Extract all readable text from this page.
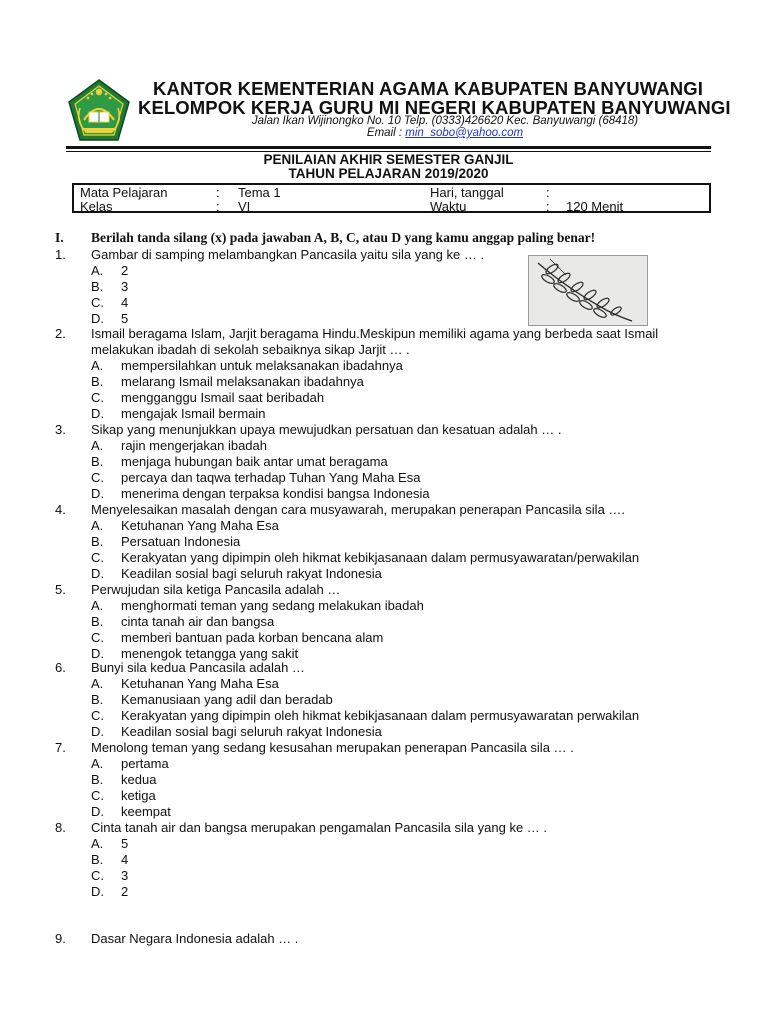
KANTOR KEMENTERIAN AGAMA KABUPATEN BANYUWANGI
KELOMPOK KERJA GURU MI NEGERI KABUPATEN BANYUWANGI
Jalan Ikan Wijinongko No. 10 Telp. (0333)426620 Kec. Banyuwangi (68418)
Email : min_sobo@yahoo.com
PENILAIAN AKHIR SEMESTER GANJIL
TAHUN PELAJARAN 2019/2020
Mata Pelajaran	: Tema 1	Hari, tanggal	:
Kelas	: VI	Waktu	: 120 Menit
I. Berilah tanda silang (x) pada jawaban A, B, C, atau D yang kamu anggap paling benar!
1. Gambar di samping melambangkan Pancasila yaitu sila yang ke … .
A. 2
B. 3
C. 4
D. 5
2. Ismail beragama Islam, Jarjit beragama Hindu.Meskipun memiliki agama yang berbeda saat Ismail
melakukan ibadah di sekolah sebaiknya sikap Jarjit … .
A. mempersilahkan untuk melaksanakan ibadahnya
B. melarang Ismail melaksanakan ibadahnya
C. mengganggu Ismail saat beribadah
D. mengajak Ismail bermain
3. Sikap yang menunjukkan upaya mewujudkan persatuan dan kesatuan adalah … .
A. rajin mengerjakan ibadah
B. menjaga hubungan baik antar umat beragama
C. percaya dan taqwa terhadap Tuhan Yang Maha Esa
D. menerima dengan terpaksa kondisi bangsa Indonesia
4. Menyelesaikan masalah dengan cara musyawarah, merupakan penerapan Pancasila sila ….
A. Ketuhanan Yang Maha Esa
B. Persatuan Indonesia
C. Kerakyatan yang dipimpin oleh hikmat kebikjasanaan dalam permusyawaratan/perwakilan
D. Keadilan sosial bagi seluruh rakyat Indonesia
5. Perwujudan sila ketiga Pancasila adalah …
A. menghormati teman yang sedang melakukan ibadah
B. cinta tanah air dan bangsa
C. memberi bantuan pada korban bencana alam
D. menengok tetangga yang sakit
6. Bunyi sila kedua Pancasila adalah …
A. Ketuhanan Yang Maha Esa
B. Kemanusiaan yang adil dan beradab
C. Kerakyatan yang dipimpin oleh hikmat kebikjasanaan dalam permusyawaratan perwakilan
D. Keadilan sosial bagi seluruh rakyat Indonesia
7. Menolong teman yang sedang kesusahan merupakan penerapan Pancasila sila … .
A. pertama
B. kedua
C. ketiga
D. keempat
8. Cinta tanah air dan bangsa merupakan pengamalan Pancasila sila yang ke … .
A. 5
B. 4
C. 3
D. 2
9. Dasar Negara Indonesia adalah … .
